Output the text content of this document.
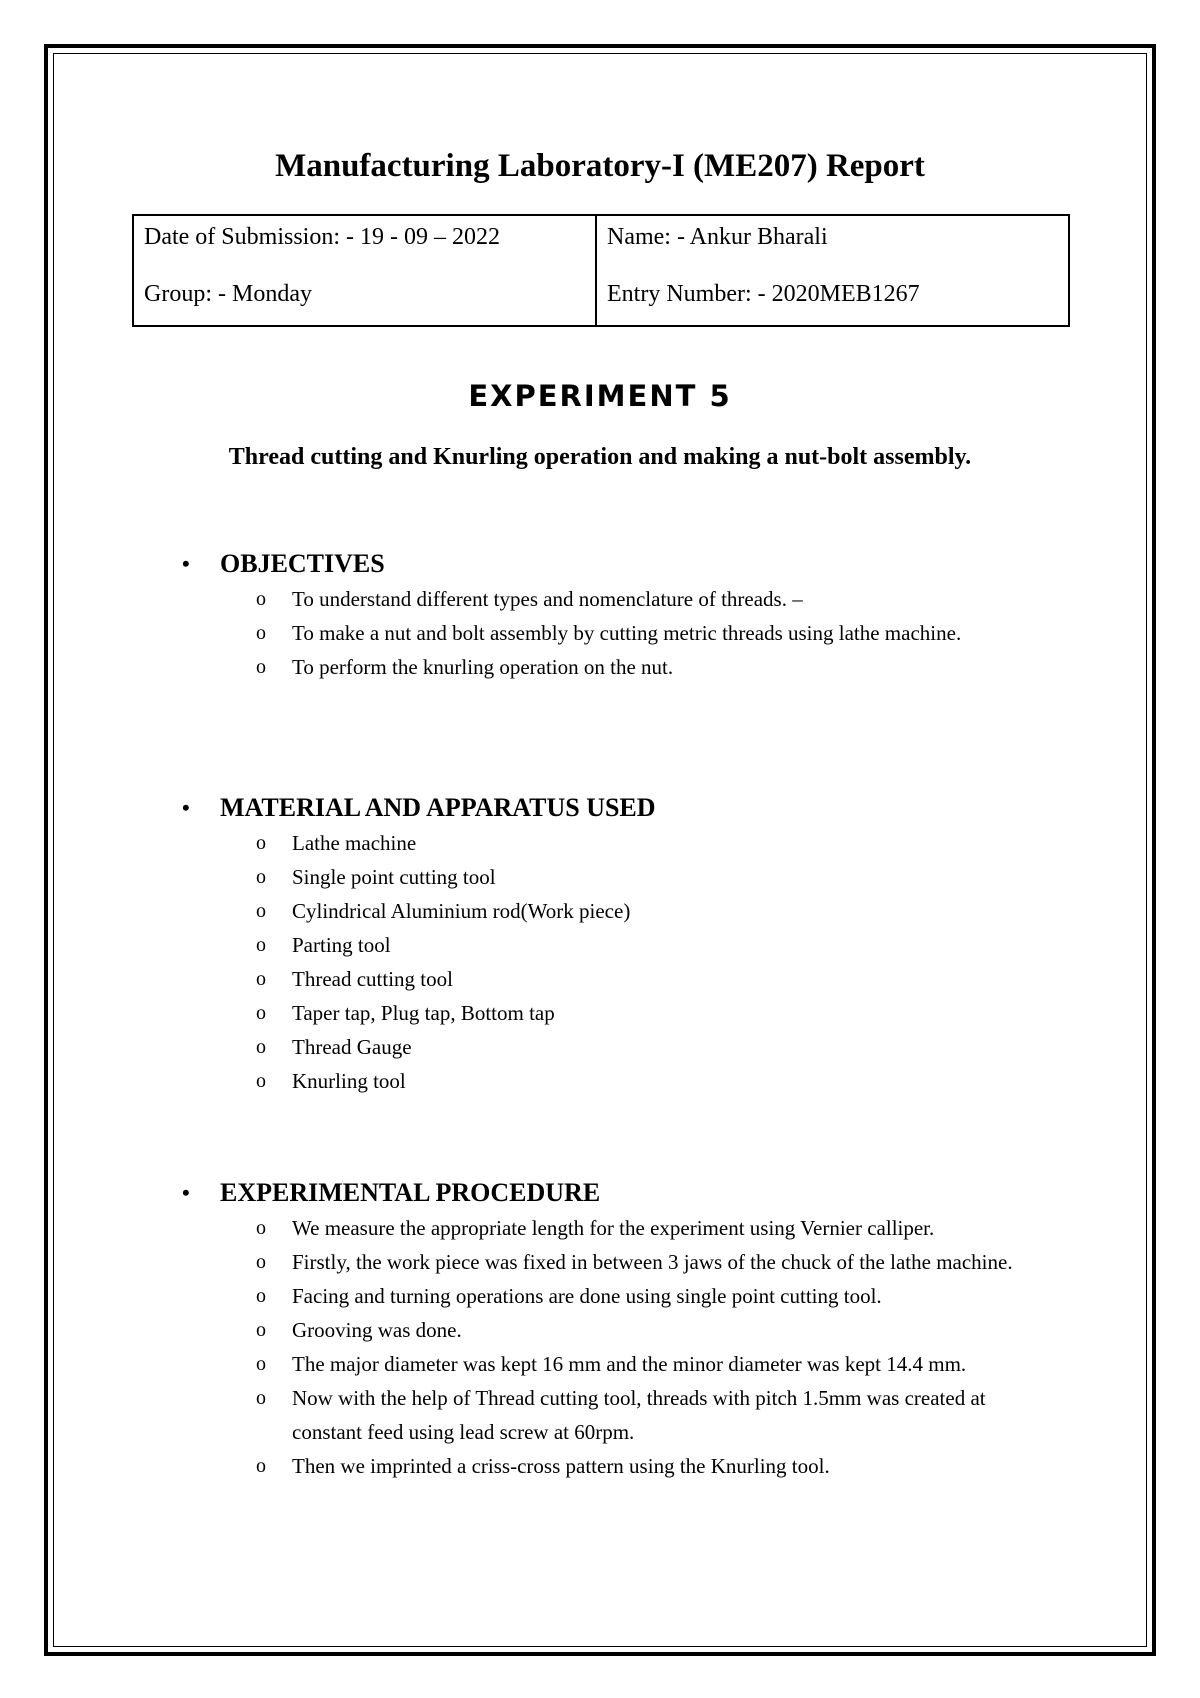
Manufacturing Laboratory-I (ME207) Report
Date of Submission: - 19 - 09 – 2022
Group: - Monday
Name: - Ankur Bharali
Entry Number: - 2020MEB1267
EXPERIMENT 5
Thread cutting and Knurling operation and making a nut-bolt assembly.
• OBJECTIVES
o To understand different types and nomenclature of threads. –
o To make a nut and bolt assembly by cutting metric threads using lathe machine.
o To perform the knurling operation on the nut.
• MATERIAL AND APPARATUS USED
o Lathe machine
o Single point cutting tool
o Cylindrical Aluminium rod(Work piece)
o Parting tool
o Thread cutting tool
o Taper tap, Plug tap, Bottom tap
o Thread Gauge
o Knurling tool
• EXPERIMENTAL PROCEDURE
o We measure the appropriate length for the experiment using Vernier calliper.
o Firstly, the work piece was fixed in between 3 jaws of the chuck of the lathe machine.
o Facing and turning operations are done using single point cutting tool.
o Grooving was done.
o The major diameter was kept 16 mm and the minor diameter was kept 14.4 mm.
o Now with the help of Thread cutting tool, threads with pitch 1.5mm was created at constant feed using lead screw at 60rpm.
o Then we imprinted a criss-cross pattern using the Knurling tool.
